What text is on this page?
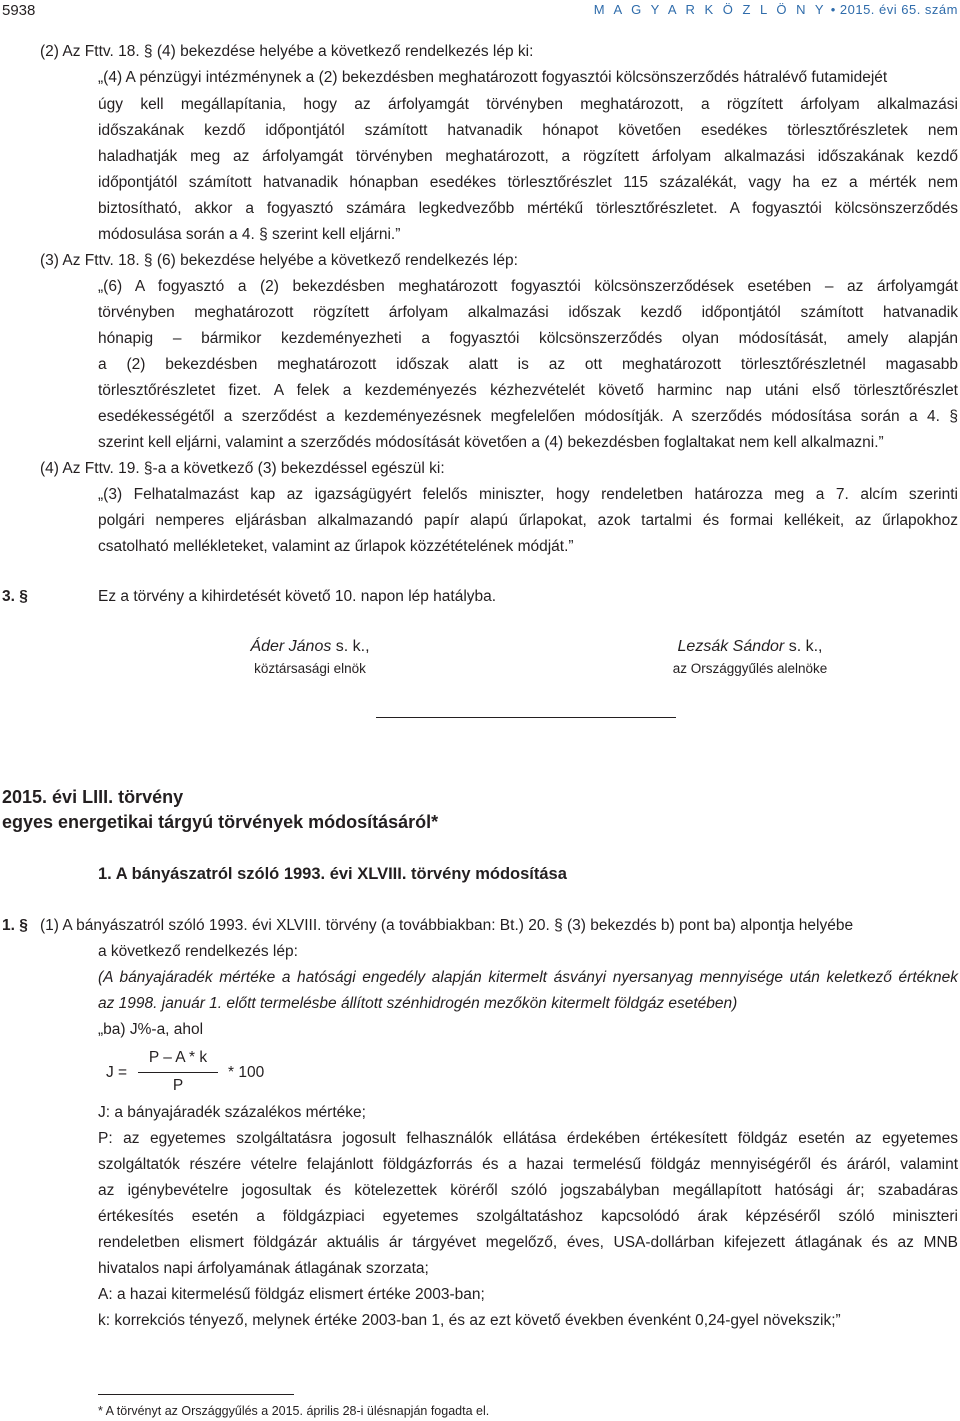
5938	M A G Y A R K Ö Z L Ö N Y • 2015. évi 65. szám
(2) Az Fttv. 18. § (4) bekezdése helyébe a következő rendelkezés lép ki:
„(4) A pénzügyi intézménynek a (2) bekezdésben meghatározott fogyasztói kölcsönszerződés hátralévő futamidejét
úgy kell megállapítania, hogy az árfolyamgát törvényben meghatározott, a rögzített árfolyam alkalmazási
időszakának kezdő időpontjától számított hatvanadik hónapot követően esedékes törlesztőrészletek nem
haladhatják meg az árfolyamgát törvényben meghatározott, a rögzített árfolyam alkalmazási időszakának kezdő
időpontjától számított hatvanadik hónapban esedékes törlesztőrészlet 115 százalékát, vagy ha ez a mérték nem
biztosítható, akkor a fogyasztó számára legkedvezőbb mértékű törlesztőrészletet. A fogyasztói kölcsönszerződés
módosulása során a 4. § szerint kell eljárni.”
(3) Az Fttv. 18. § (6) bekezdése helyébe a következő rendelkezés lép:
„(6) A fogyasztó a (2) bekezdésben meghatározott fogyasztói kölcsönszerződések esetében – az árfolyamgát
törvényben meghatározott rögzített árfolyam alkalmazási időszak kezdő időpontjától számított hatvanadik
hónapig – bármikor kezdeményezheti a fogyasztói kölcsönszerződés olyan módosítását, amely alapján
a (2) bekezdésben meghatározott időszak alatt is az ott meghatározott törlesztőrészletnél magasabb
törlesztőrészletet fizet. A felek a kezdeményezés kézhezvételét követő harminc nap utáni első törlesztőrészlet
esedékességétől a szerződést a kezdeményezésnek megfelelően módosítják. A szerződés módosítása során a 4. §
szerint kell eljárni, valamint a szerződés módosítását követően a (4) bekezdésben foglaltakat nem kell alkalmazni.”
(4) Az Fttv. 19. §-a a következő (3) bekezdéssel egészül ki:
„(3) Felhatalmazást kap az igazságügyért felelős miniszter, hogy rendeletben határozza meg a 7. alcím szerinti
polgári nemperes eljárásban alkalmazandó papír alapú űrlapokat, azok tartalmi és formai kellékeit, az űrlapokhoz
csatolható mellékleteket, valamint az űrlapok közzétételének módját.”
3. §	Ez a törvény a kihirdetését követő 10. napon lép hatályba.
Áder János s. k.,
köztársasági elnök
Lezsák Sándor s. k.,
az Országgyűlés alelnöke
2015. évi LIII. törvény
egyes energetikai tárgyú törvények módosításáról*
1. A bányászatról szóló 1993. évi XLVIII. törvény módosítása
1. § (1) A bányászatról szóló 1993. évi XLVIII. törvény (a továbbiakban: Bt.) 20. § (3) bekezdés b) pont ba) alpontja helyébe
a következő rendelkezés lép:
(A bányajáradék mértéke a hatósági engedély alapján kitermelt ásványi nyersanyag mennyisége után keletkező értéknek
az 1998. január 1. előtt termelésbe állított szénhidrogén mezőkön kitermelt földgáz esetében)
„ba) J%-a, ahol
J =
P – A * k
P
* 100
J: a bányajáradék százalékos mértéke;
P: az egyetemes szolgáltatásra jogosult felhasználók ellátása érdekében értékesített földgáz esetén az egyetemes
szolgáltatók részére vételre felajánlott földgázforrás és a hazai termelésű földgáz mennyiségéről és áráról, valamint
az igénybevételre jogosultak és kötelezettek köréről szóló jogszabályban megállapított hatósági ár; szabadáras
értékesítés esetén a földgázpiaci egyetemes szolgáltatáshoz kapcsolódó árak képzéséről szóló miniszteri
rendeletben elismert földgázár aktuális ár tárgyévet megelőző, éves, USA-dollárban kifejezett átlagának és az MNB
hivatalos napi árfolyamának átlagának szorzata;
A: a hazai kitermelésű földgáz elismert értéke 2003-ban;
k: korrekciós tényező, melynek értéke 2003-ban 1, és az ezt követő években évenként 0,24-gyel növekszik;”
* A törvényt az Országgyűlés a 2015. április 28-i ülésnapján fogadta el.
